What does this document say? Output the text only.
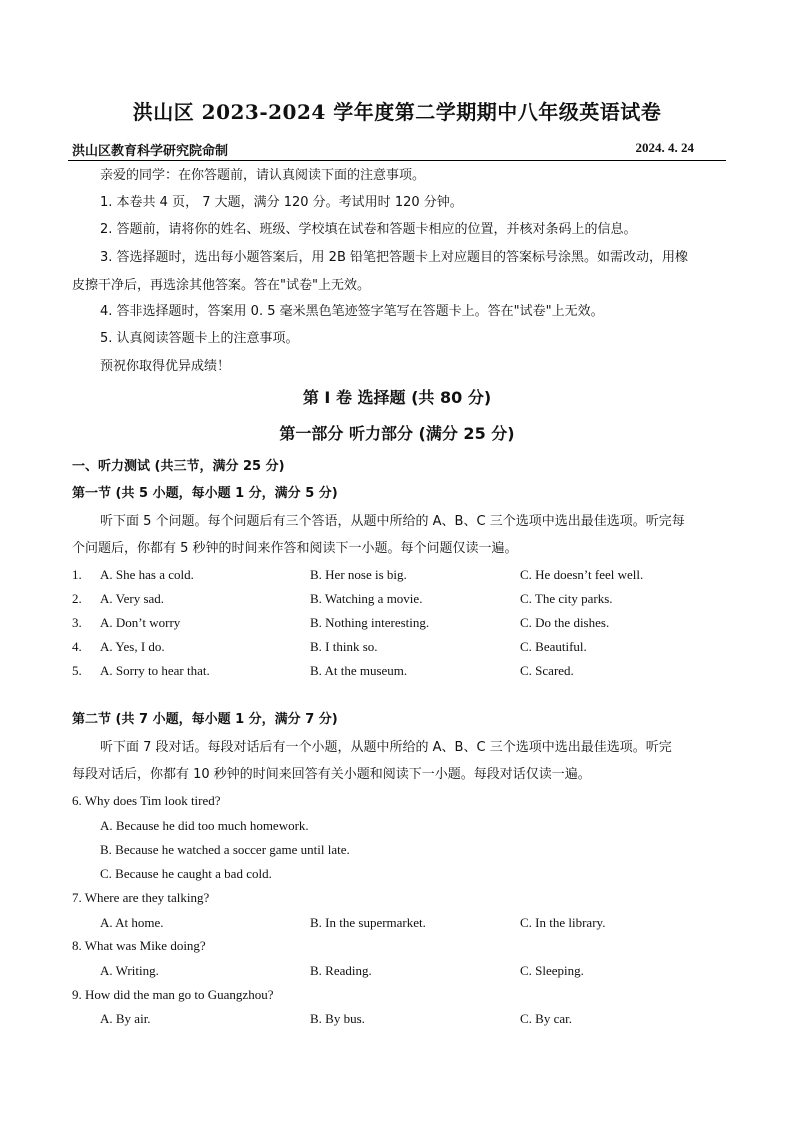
洪山区 2023-2024 学年度第二学期期中八年级英语试卷
洪山区教育科学研究院命制	2024. 4. 24
亲爱的同学：在你答题前，请认真阅读下面的注意事项。
1. 本卷共 4 页， 7 大题，满分 120 分。考试用时 120 分钟。
2. 答题前，请将你的姓名、班级、学校填在试卷和答题卡相应的位置，并核对条码上的信息。
3. 答选择题时，选出每小题答案后，用 2B 铅笔把答题卡上对应题目的答案标号涂黑。如需改动，用橡
皮擦干净后，再选涂其他答案。答在"试卷"上无效。
4. 答非选择题时，答案用 0. 5 毫米黑色笔迹签字笔写在答题卡上。答在"试卷"上无效。
5. 认真阅读答题卡上的注意事项。
预祝你取得优异成绩！
第 I 卷 选择题 (共 80 分)
第一部分 听力部分 (满分 25 分)
一、听力测试 (共三节，满分 25 分)
第一节 (共 5 小题，每小题 1 分，满分 5 分)
听下面 5 个问题。每个问题后有三个答语，从题中所给的 A、B、C 三个选项中选出最佳选项。听完每
个问题后，你都有 5 秒钟的时间来作答和阅读下一小题。每个问题仅读一遍。
1. A. She has a cold.	B. Her nose is big.	C. He doesn’t feel well.
2. A. Very sad.	B. Watching a movie.	C. The city parks.
3. A. Don’t worry	B. Nothing interesting.	C. Do the dishes.
4. A. Yes, I do.	B. I think so.	C. Beautiful.
5. A. Sorry to hear that.	B. At the museum.	C. Scared.
第二节 (共 7 小题，每小题 1 分，满分 7 分)
听下面 7 段对话。每段对话后有一个小题，从题中所给的 A、B、C 三个选项中选出最佳选项。听完
每段对话后，你都有 10 秒钟的时间来回答有关小题和阅读下一小题。每段对话仅读一遍。
6. Why does Tim look tired?
A. Because he did too much homework.
B. Because he watched a soccer game until late.
C. Because he caught a bad cold.
7. Where are they talking?
A. At home.	B. In the supermarket.	C. In the library.
8. What was Mike doing?
A. Writing.	B. Reading.	C. Sleeping.
9. How did the man go to Guangzhou?
A. By air.	B. By bus.	C. By car.
